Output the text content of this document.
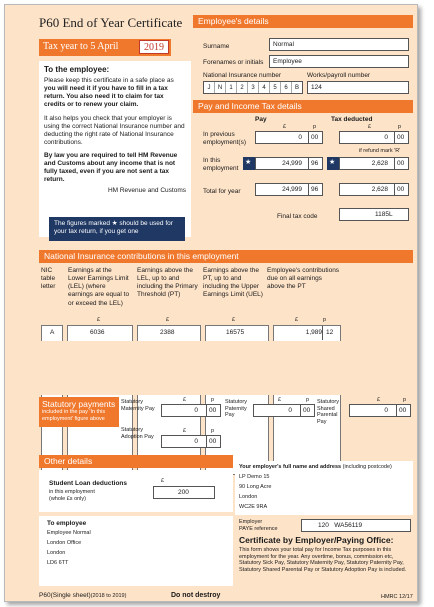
P60 End of Year Certificate
Tax year to 5 April	2019
To the employee:
Please keep this certificate in a safe place as you will need it if you have to fill in a tax return. You also need it to claim for tax credits or to renew your claim.
It also helps you check that your employer is using the correct National Insurance number and deducting the right rate of National Insurance contributions.
By law you are required to tell HM Revenue and Customs about any income that is not fully taxed, even if you are not sent a tax return.
HM Revenue and Customs
The figures marked ★ should be used for your tax return, if you get one
Employee's details
Surname	Normal
Forenames or initials Employee
National Insurance number	Works/payroll number
J	N	1	2	3	4	5	6	B	124
Pay and Income Tax details
Pay	Tax deducted
£	p	£	p
In previous employment(s)
0 00	0 00
if refund mark 'R'
In this employment
★	24,999 96 ★	2,628 00
Total for year	24,999 96	2,628 00
Final tax code	1185L
National Insurance contributions in this employment
NIC table letter
Earnings at the Lower Earnings Limit (LEL) (where earnings are equal to or exceed the LEL)
Earnings above the LEL, up to and including the Primary Threshold (PT)
Earnings above the PT, up to and including the Upper Earnings Limit (UEL)
Employee's contributions due on all earnings above the PT
£	£	£	£	p
A	6036	2388	16575	1,989 12
Statutory payments
included in the pay 'In this employment' figure above
Statutory Maternity Pay
£	p
0 00
Statutory Paternity Pay
£	p
0 00
Statutory Shared Parental Pay
£	p
0 00
Statutory Adoption Pay
£	p
0 00
Other details
Student Loan deductions
in this employment
(whole £s only)
£
200
To employee
Employee Normal
London Office
London
LD6 6TT
Your employer's full name and address (including postcode)
LP Demo 15
90 Long Acre
London
WC2E 9RA
Employer
PAYE reference	120   WA56119
Certificate by Employer/Paying Office:
This form shows your total pay for Income Tax purposes in this employment for the year. Any overtime, bonus, commission etc, Statutory Sick Pay, Statutory Maternity Pay, Statutory Paternity Pay, Statutory Shared Parental Pay or Statutory Adoption Pay is included.
P60(Single sheet)(2018 to 2019)	Do not destroy	HMRC 12/17
